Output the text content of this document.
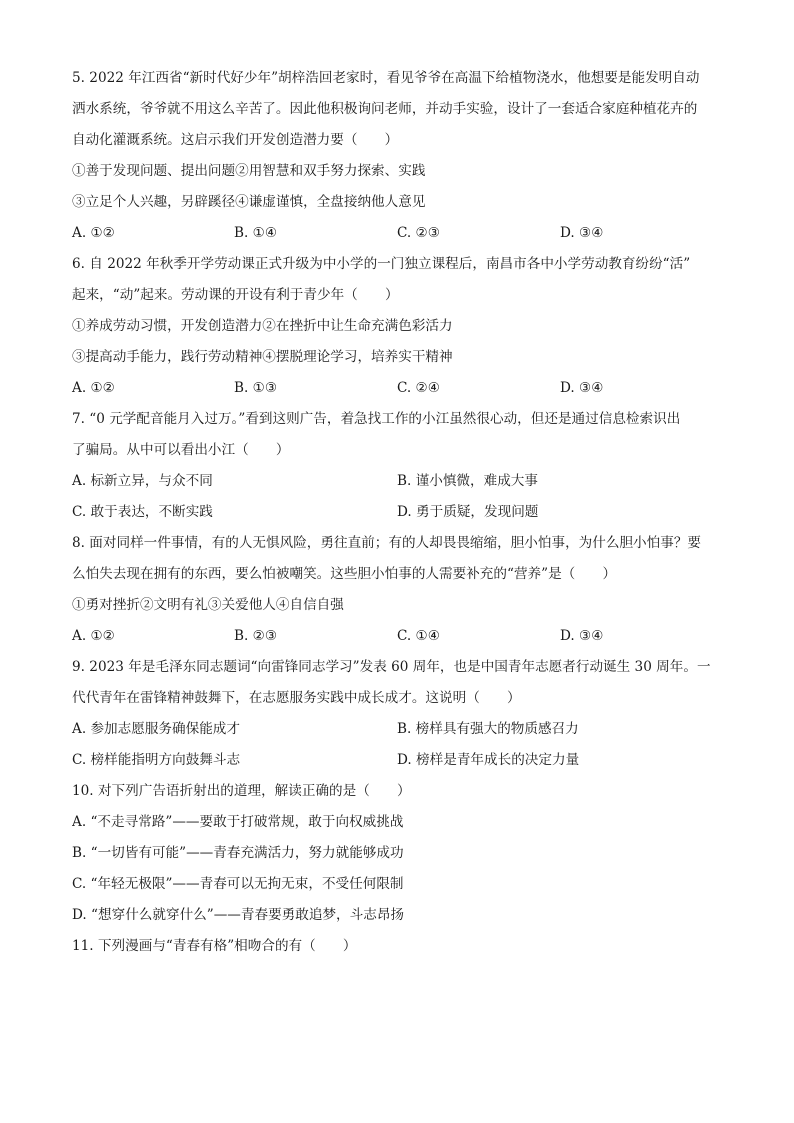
5. 2022 年江西省“新时代好少年”胡梓浩回老家时，看见爷爷在高温下给植物浇水，他想要是能发明自动
洒水系统，爷爷就不用这么辛苦了。因此他积极询问老师，并动手实验，设计了一套适合家庭种植花卉的
自动化灌溉系统。这启示我们开发创造潜力要（　　）
①善于发现问题、提出问题②用智慧和双手努力探索、实践
③立足个人兴趣，另辟蹊径④谦虚谨慎，全盘接纳他人意见
A. ①②	B. ①④	C. ②③	D. ③④
6. 自 2022 年秋季开学劳动课正式升级为中小学的一门独立课程后，南昌市各中小学劳动教育纷纷“活”
起来，“动”起来。劳动课的开设有利于青少年（　　）
①养成劳动习惯，开发创造潜力②在挫折中让生命充满色彩活力
③提高动手能力，践行劳动精神④摆脱理论学习，培养实干精神
A. ①②	B. ①③	C. ②④	D. ③④
7. “0 元学配音能月入过万。”看到这则广告，着急找工作的小江虽然很心动，但还是通过信息检索识出
了骗局。从中可以看出小江（　　）
A. 标新立异，与众不同	B. 谨小慎微，难成大事
C. 敢于表达，不断实践	D. 勇于质疑，发现问题
8. 面对同样一件事情，有的人无惧风险，勇往直前；有的人却畏畏缩缩，胆小怕事，为什么胆小怕事？要
么怕失去现在拥有的东西，要么怕被嘲笑。这些胆小怕事的人需要补充的“营养”是（　　）
①勇对挫折②文明有礼③关爱他人④自信自强
A. ①②	B. ②③	C. ①④	D. ③④
9. 2023 年是毛泽东同志题词“向雷锋同志学习”发表 60 周年，也是中国青年志愿者行动诞生 30 周年。一
代代青年在雷锋精神鼓舞下，在志愿服务实践中成长成才。这说明（　　）
A. 参加志愿服务确保能成才	B. 榜样具有强大的物质感召力
C. 榜样能指明方向鼓舞斗志	D. 榜样是青年成长的决定力量
10. 对下列广告语折射出的道理，解读正确的是（　　）
A. “不走寻常路”——要敢于打破常规，敢于向权威挑战
B. “一切皆有可能”——青春充满活力，努力就能够成功
C. “年轻无极限”——青春可以无拘无束，不受任何限制
D. “想穿什么就穿什么”——青春要勇敢追梦，斗志昂扬
11. 下列漫画与“青春有格”相吻合的有（　　）
